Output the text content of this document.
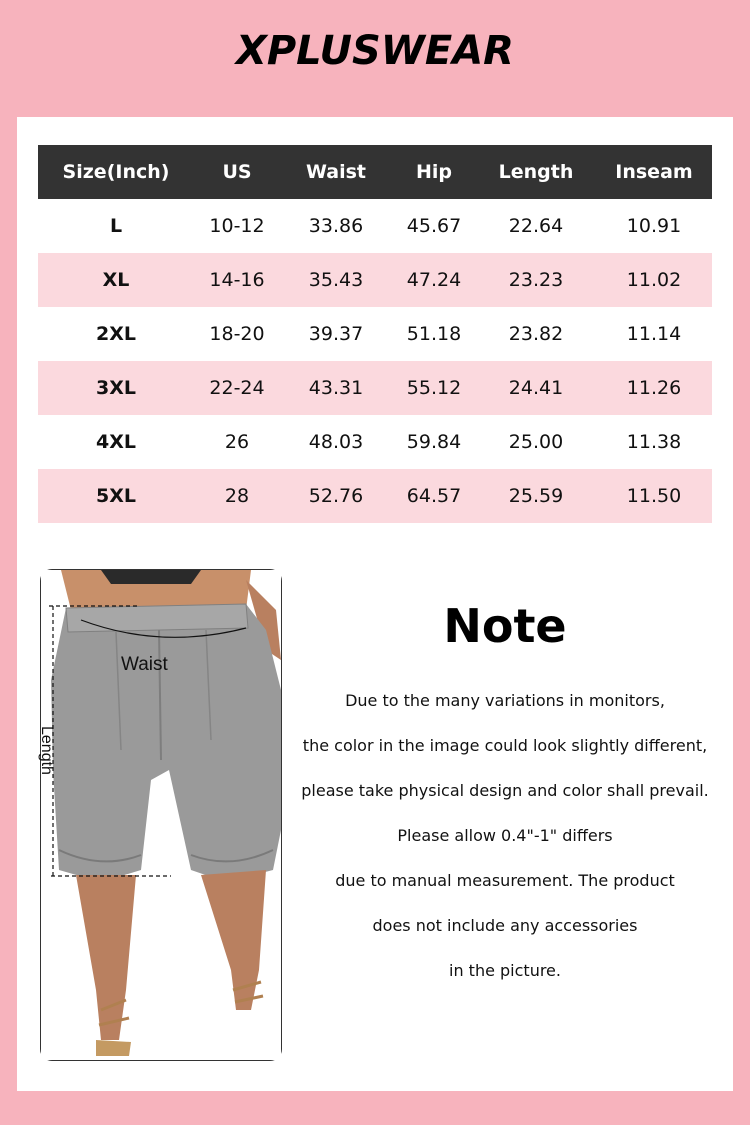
XPLUSWEAR
Size(Inch)	US	Waist	Hip	Length	Inseam
L	10-12	33.86	45.67	22.64	10.91
XL	14-16	35.43	47.24	23.23	11.02
2XL	18-20	39.37	51.18	23.82	11.14
3XL	22-24	43.31	55.12	24.41	11.26
4XL	26	48.03	59.84	25.00	11.38
5XL	28	52.76	64.57	25.59	11.50
Waist
Length
Note
Due to the many variations in monitors,
the color in the image could look slightly different,
please take physical design and color shall prevail.
Please allow 0.4"-1" differs
due to manual measurement. The product
does not include any accessories
in the picture.
